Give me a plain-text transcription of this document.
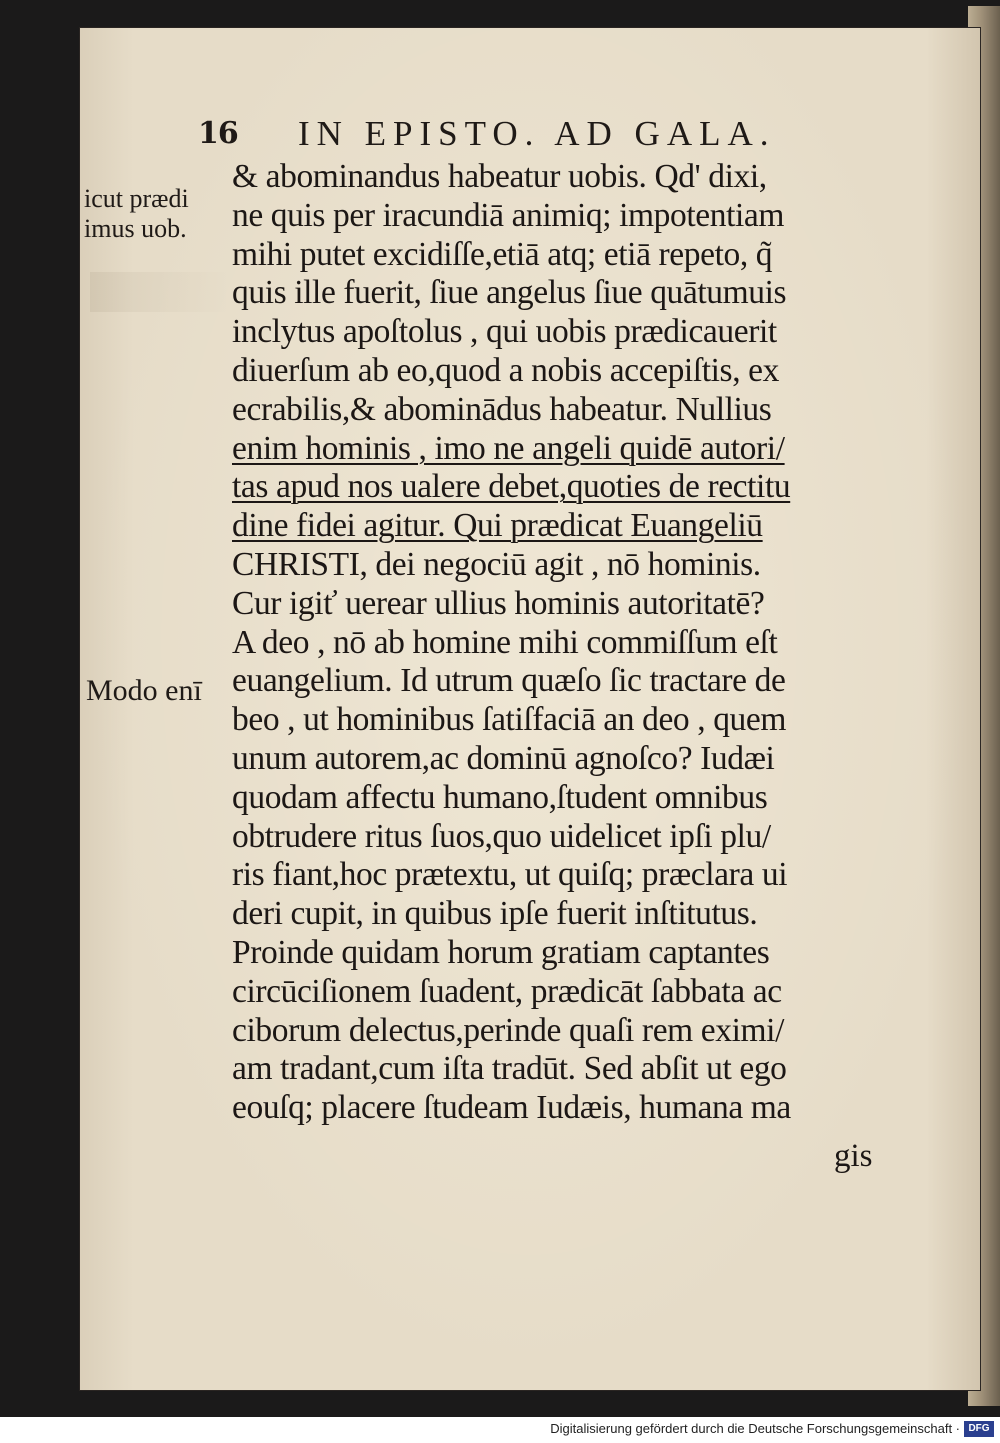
16 IN EPISTO. AD GALA.
icut prædi
imus uob.
Modo enī
& abominandus habeatur uobis. Qd' dixi,
ne quis per iracundiā animiq; impotentiam
mihi putet excidiſſe,etiā atq; etiā repeto, q̃
quis ille fuerit, ſiue angelus ſiue quātumuis
inclytus apoſtolus , qui uobis prædicauerit
diuerſum ab eo,quod a nobis accepiſtis, ex
ecrabilis,& abominādus habeatur. Nullius
enim hominis , imo ne angeli quidē autori/
tas apud nos ualere debet,quoties de rectitu
dine fidei agitur. Qui prædicat Euangeliū
CHRISTI, dei negociū agit , nō hominis.
Cur igiť uerear ullius hominis autoritatē?
A deo , nō ab homine mihi commiſſum eſt
euangelium. Id utrum quæſo ſic tractare de
beo , ut hominibus ſatiſfaciā an deo , quem
unum autorem,ac dominū agnoſco? Iudæi
quodam affectu humano,ſtudent omnibus
obtrudere ritus ſuos,quo uidelicet ipſi plu/
ris fiant,hoc prætextu, ut quiſq; præclara ui
deri cupit, in quibus ipſe fuerit inſtitutus.
Proinde quidam horum gratiam captantes
circūciſionem ſuadent, prædicāt ſabbata ac
ciborum delectus,perinde quaſi rem eximi/
am tradant,cum iſta tradūt. Sed abſit ut ego
eouſq; placere ſtudeam Iudæis, humana ma
gis
Digitalisierung gefördert durch die Deutsche Forschungsgemeinschaft · DFG
